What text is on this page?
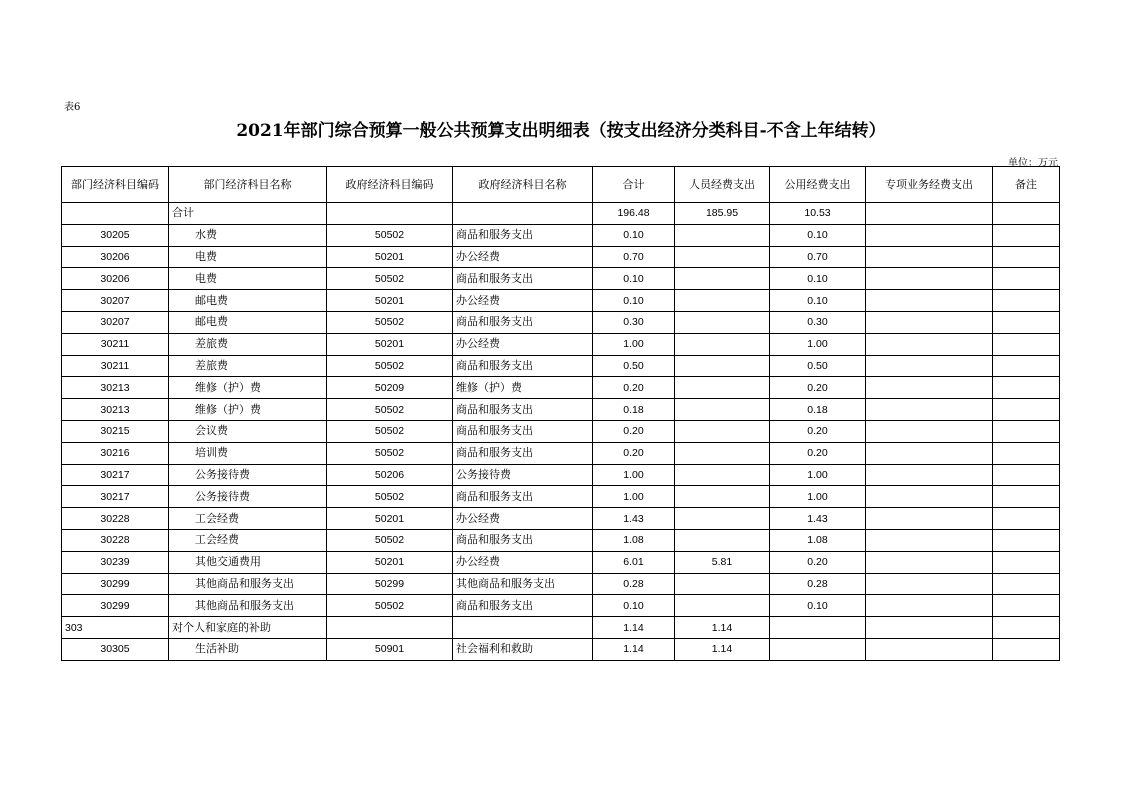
表6
2021年部门综合预算一般公共预算支出明细表（按支出经济分类科目-不含上年结转）
单位：万元
部门经济科目编码	部门经济科目名称	政府经济科目编码	政府经济科目名称	合计	人员经费支出	公用经费支出	专项业务经费支出	备注
	合计			196.48	185.95	10.53		
30205	水费	50502	商品和服务支出	0.10		0.10		
30206	电费	50201	办公经费	0.70		0.70		
30206	电费	50502	商品和服务支出	0.10		0.10		
30207	邮电费	50201	办公经费	0.10		0.10		
30207	邮电费	50502	商品和服务支出	0.30		0.30		
30211	差旅费	50201	办公经费	1.00		1.00		
30211	差旅费	50502	商品和服务支出	0.50		0.50		
30213	维修（护）费	50209	维修（护）费	0.20		0.20		
30213	维修（护）费	50502	商品和服务支出	0.18		0.18		
30215	会议费	50502	商品和服务支出	0.20		0.20		
30216	培训费	50502	商品和服务支出	0.20		0.20		
30217	公务接待费	50206	公务接待费	1.00		1.00		
30217	公务接待费	50502	商品和服务支出	1.00		1.00		
30228	工会经费	50201	办公经费	1.43		1.43		
30228	工会经费	50502	商品和服务支出	1.08		1.08		
30239	其他交通费用	50201	办公经费	6.01	5.81	0.20		
30299	其他商品和服务支出	50299	其他商品和服务支出	0.28		0.28		
30299	其他商品和服务支出	50502	商品和服务支出	0.10		0.10		
303	对个人和家庭的补助			1.14	1.14			
30305	生活补助	50901	社会福利和救助	1.14	1.14			
